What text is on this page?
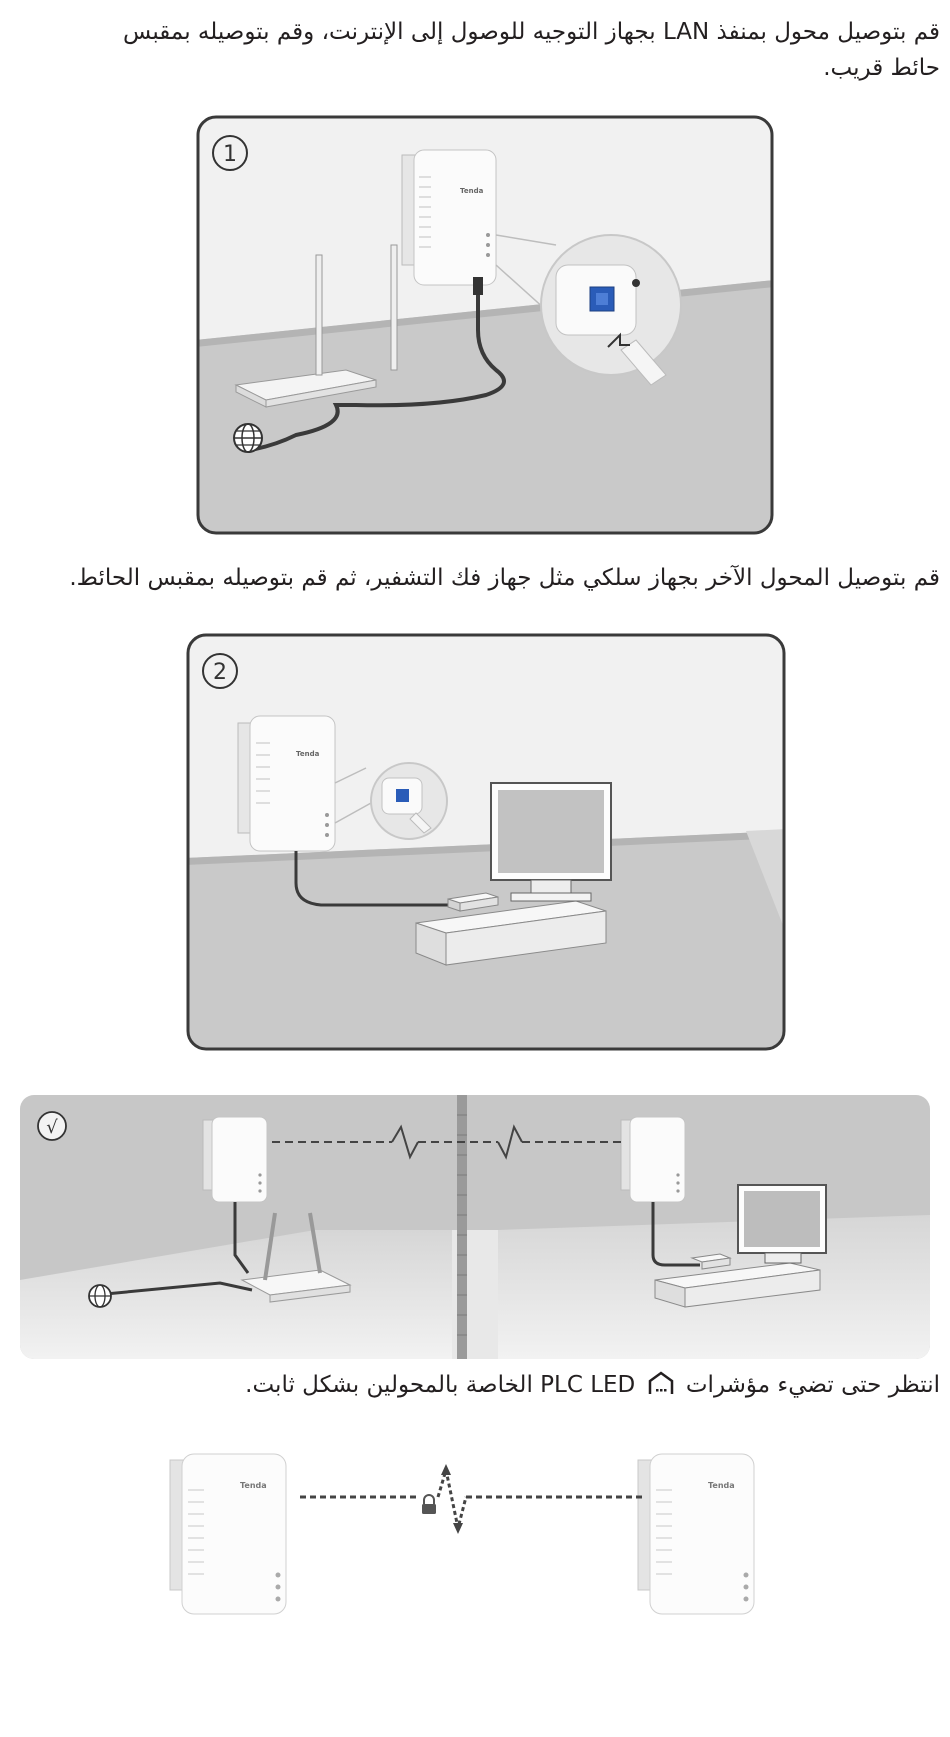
قم بتوصيل محول بمنفذ LAN بجهاز التوجيه للوصول إلى الإنترنت، وقم بتوصيله بمقبس حائط قريب.
1
Tenda
قم بتوصيل المحول الآخر بجهاز سلكي مثل جهاز فك التشفير، ثم قم بتوصيله بمقبس الحائط.
2
Tenda
√
انتظر حتى تضيء مؤشرات  PLC LED الخاصة بالمحولين بشكل ثابت.
Tenda	Tenda
